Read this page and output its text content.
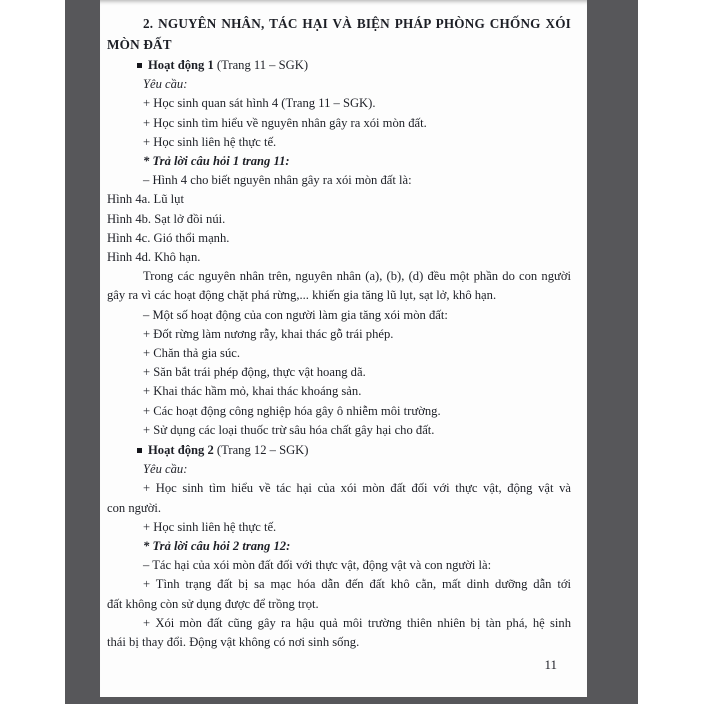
2. NGUYÊN NHÂN, TÁC HẠI VÀ BIỆN PHÁP PHÒNG CHỐNG XÓI
MÒN ĐẤT
Hoạt động 1 (Trang 11 – SGK)
Yêu cầu:
+ Học sinh quan sát hình 4 (Trang 11 – SGK).
+ Học sinh tìm hiểu về nguyên nhân gây ra xói mòn đất.
+ Học sinh liên hệ thực tế.
* Trả lời câu hỏi 1 trang 11:
– Hình 4 cho biết nguyên nhân gây ra xói mòn đất là:
Hình 4a. Lũ lụt
Hình 4b. Sạt lở đồi núi.
Hình 4c. Gió thổi mạnh.
Hình 4d. Khô hạn.
Trong các nguyên nhân trên, nguyên nhân (a), (b), (d) đều một phần do con người
gây ra vì các hoạt động chặt phá rừng,... khiến gia tăng lũ lụt, sạt lở, khô hạn.
– Một số hoạt động của con người làm gia tăng xói mòn đất:
+ Đốt rừng làm nương rẫy, khai thác gỗ trái phép.
+ Chăn thả gia súc.
+ Săn bắt trái phép động, thực vật hoang dã.
+ Khai thác hầm mỏ, khai thác khoáng sản.
+ Các hoạt động công nghiệp hóa gây ô nhiễm môi trường.
+ Sử dụng các loại thuốc trừ sâu hóa chất gây hại cho đất.
Hoạt động 2 (Trang 12 – SGK)
Yêu cầu:
+ Học sinh tìm hiểu về tác hại của xói mòn đất đối với thực vật, động vật và
con người.
+ Học sinh liên hệ thực tế.
* Trả lời câu hỏi 2 trang 12:
– Tác hại của xói mòn đất đối với thực vật, động vật và con người là:
+ Tình trạng đất bị sa mạc hóa dẫn đến đất khô cằn, mất dinh dưỡng dẫn tới
đất không còn sử dụng được để trồng trọt.
+ Xói mòn đất cũng gây ra hậu quả môi trường thiên nhiên bị tàn phá, hệ sinh
thái bị thay đổi. Động vật không có nơi sinh sống.
11
